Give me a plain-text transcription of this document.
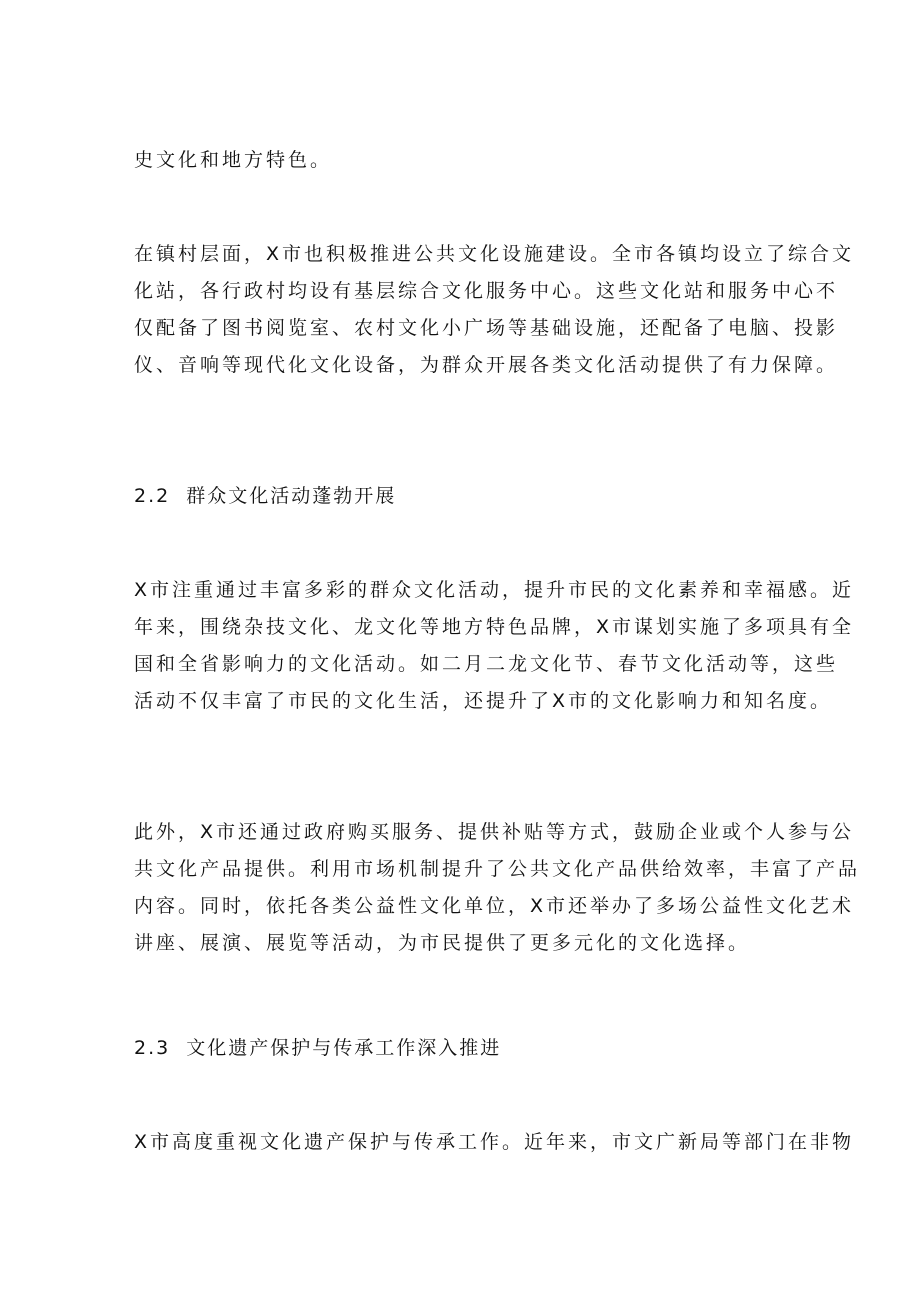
史文化和地方特色。
在镇村层面，X市也积极推进公共文化设施建设。全市各镇均设立了综合文
化站，各行政村均设有基层综合文化服务中心。这些文化站和服务中心不
仅配备了图书阅览室、农村文化小广场等基础设施，还配备了电脑、投影
仪、音响等现代化文化设备，为群众开展各类文化活动提供了有力保障。
2.2  群众文化活动蓬勃开展
X市注重通过丰富多彩的群众文化活动，提升市民的文化素养和幸福感。近
年来，围绕杂技文化、龙文化等地方特色品牌，X市谋划实施了多项具有全
国和全省影响力的文化活动。如二月二龙文化节、春节文化活动等，这些
活动不仅丰富了市民的文化生活，还提升了X市的文化影响力和知名度。
此外，X市还通过政府购买服务、提供补贴等方式，鼓励企业或个人参与公
共文化产品提供。利用市场机制提升了公共文化产品供给效率，丰富了产品
内容。同时，依托各类公益性文化单位，X市还举办了多场公益性文化艺术
讲座、展演、展览等活动，为市民提供了更多元化的文化选择。
2.3  文化遗产保护与传承工作深入推进
X市高度重视文化遗产保护与传承工作。近年来，市文广新局等部门在非物
